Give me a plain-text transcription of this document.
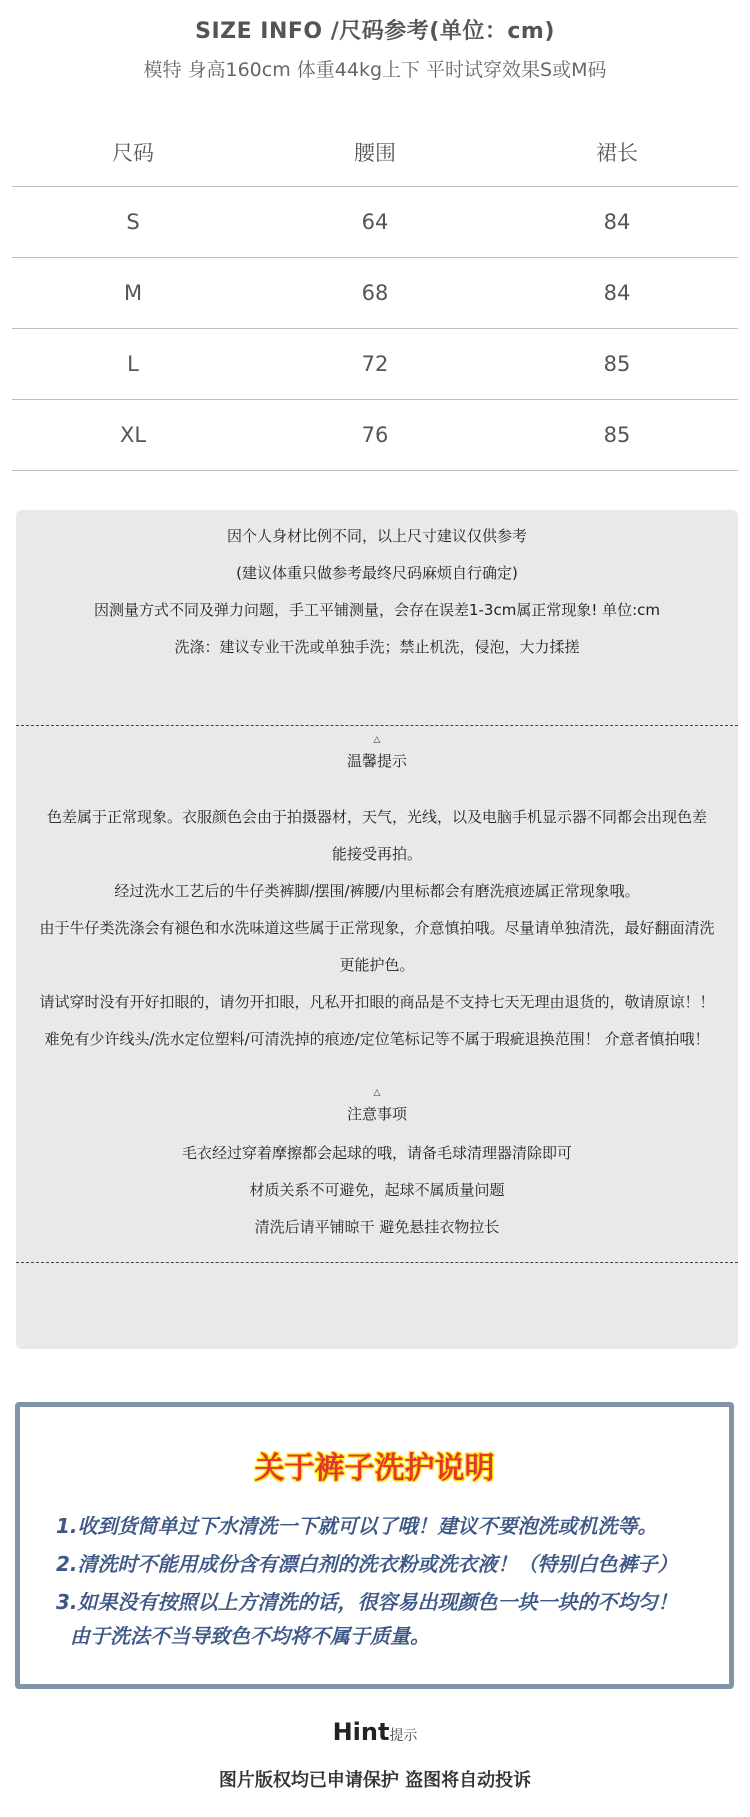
SIZE INFO /尺码参考(单位：cm)
模特 身高160cm 体重44kg上下 平时试穿效果S或M码
尺码	腰围	裙长
S	64	84
M	68	84
L	72	85
XL	76	85
因个人身材比例不同，以上尺寸建议仅供参考
(建议体重只做参考最终尺码麻烦自行确定)
因测量方式不同及弹力问题，手工平铺测量，会存在误差1-3cm属正常现象! 单位:cm
洗涤：建议专业干洗或单独手洗；禁止机洗，侵泡，大力揉搓
△
温馨提示
色差属于正常现象。衣服颜色会由于拍摄器材，天气，光线，以及电脑手机显示器不同都会出现色差
能接受再拍。
经过洗水工艺后的牛仔类裤脚/摆围/裤腰/内里标都会有磨洗痕迹属正常现象哦。
由于牛仔类洗涤会有褪色和水洗味道这些属于正常现象，介意慎拍哦。尽量请单独清洗，最好翻面清洗
更能护色。
请试穿时没有开好扣眼的，请勿开扣眼，凡私开扣眼的商品是不支持七天无理由退货的，敬请原谅！！
难免有少许线头/洗水定位塑料/可清洗掉的痕迹/定位笔标记等不属于瑕疵退换范围！ 介意者慎拍哦！
△
注意事项
毛衣经过穿着摩擦都会起球的哦，请备毛球清理器清除即可
材质关系不可避免，起球不属质量问题
清洗后请平铺晾干 避免悬挂衣物拉长
关于裤子洗护说明
1.收到货简单过下水清洗一下就可以了哦！建议不要泡洗或机洗等。
2.清洗时不能用成份含有漂白剂的洗衣粉或洗衣液！（特别白色裤子）
3.如果没有按照以上方清洗的话，很容易出现颜色一块一块的不均匀！
由于洗法不当导致色不均将不属于质量。
Hint提示
图片版权均已申请保护 盗图将自动投诉
